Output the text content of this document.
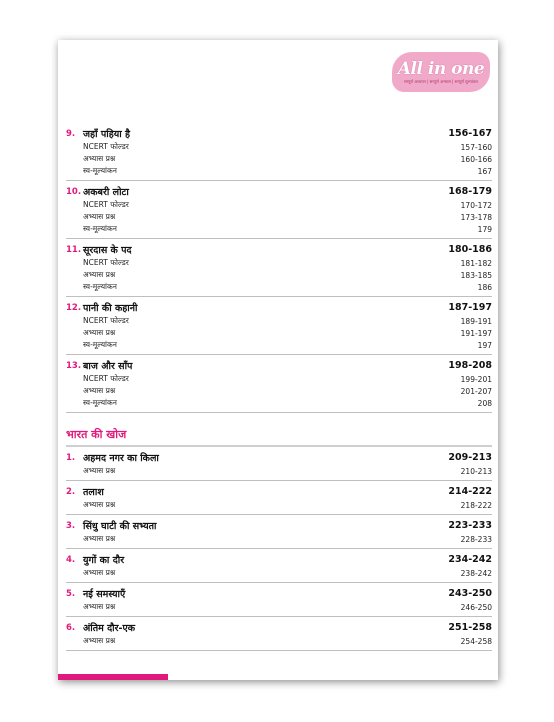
All in one
सम्पूर्ण अध्ययन | सम्पूर्ण अभ्यास | सम्पूर्ण मूल्यांकन
9. जहाँ पहिया है	156-167
NCERT फोल्डर	157-160
अभ्यास प्रश्न	160-166
स्व-मूल्यांकन	167
10. अकबरी लोटा	168-179
NCERT फोल्डर	170-172
अभ्यास प्रश्न	173-178
स्व-मूल्यांकन	179
11. सूरदास के पद	180-186
NCERT फोल्डर	181-182
अभ्यास प्रश्न	183-185
स्व-मूल्यांकन	186
12. पानी की कहानी	187-197
NCERT फोल्डर	189-191
अभ्यास प्रश्न	191-197
स्व-मूल्यांकन	197
13. बाज और साँप	198-208
NCERT फोल्डर	199-201
अभ्यास प्रश्न	201-207
स्व-मूल्यांकन	208
भारत की खोज
1. अहमद नगर का किला	209-213
अभ्यास प्रश्न	210-213
2. तलाश	214-222
अभ्यास प्रश्न	218-222
3. सिंधु घाटी की सभ्यता	223-233
अभ्यास प्रश्न	228-233
4. युगों का दौर	234-242
अभ्यास प्रश्न	238-242
5. नई समस्याएँ	243-250
अभ्यास प्रश्न	246-250
6. अंतिम दौर-एक	251-258
अभ्यास प्रश्न	254-258
